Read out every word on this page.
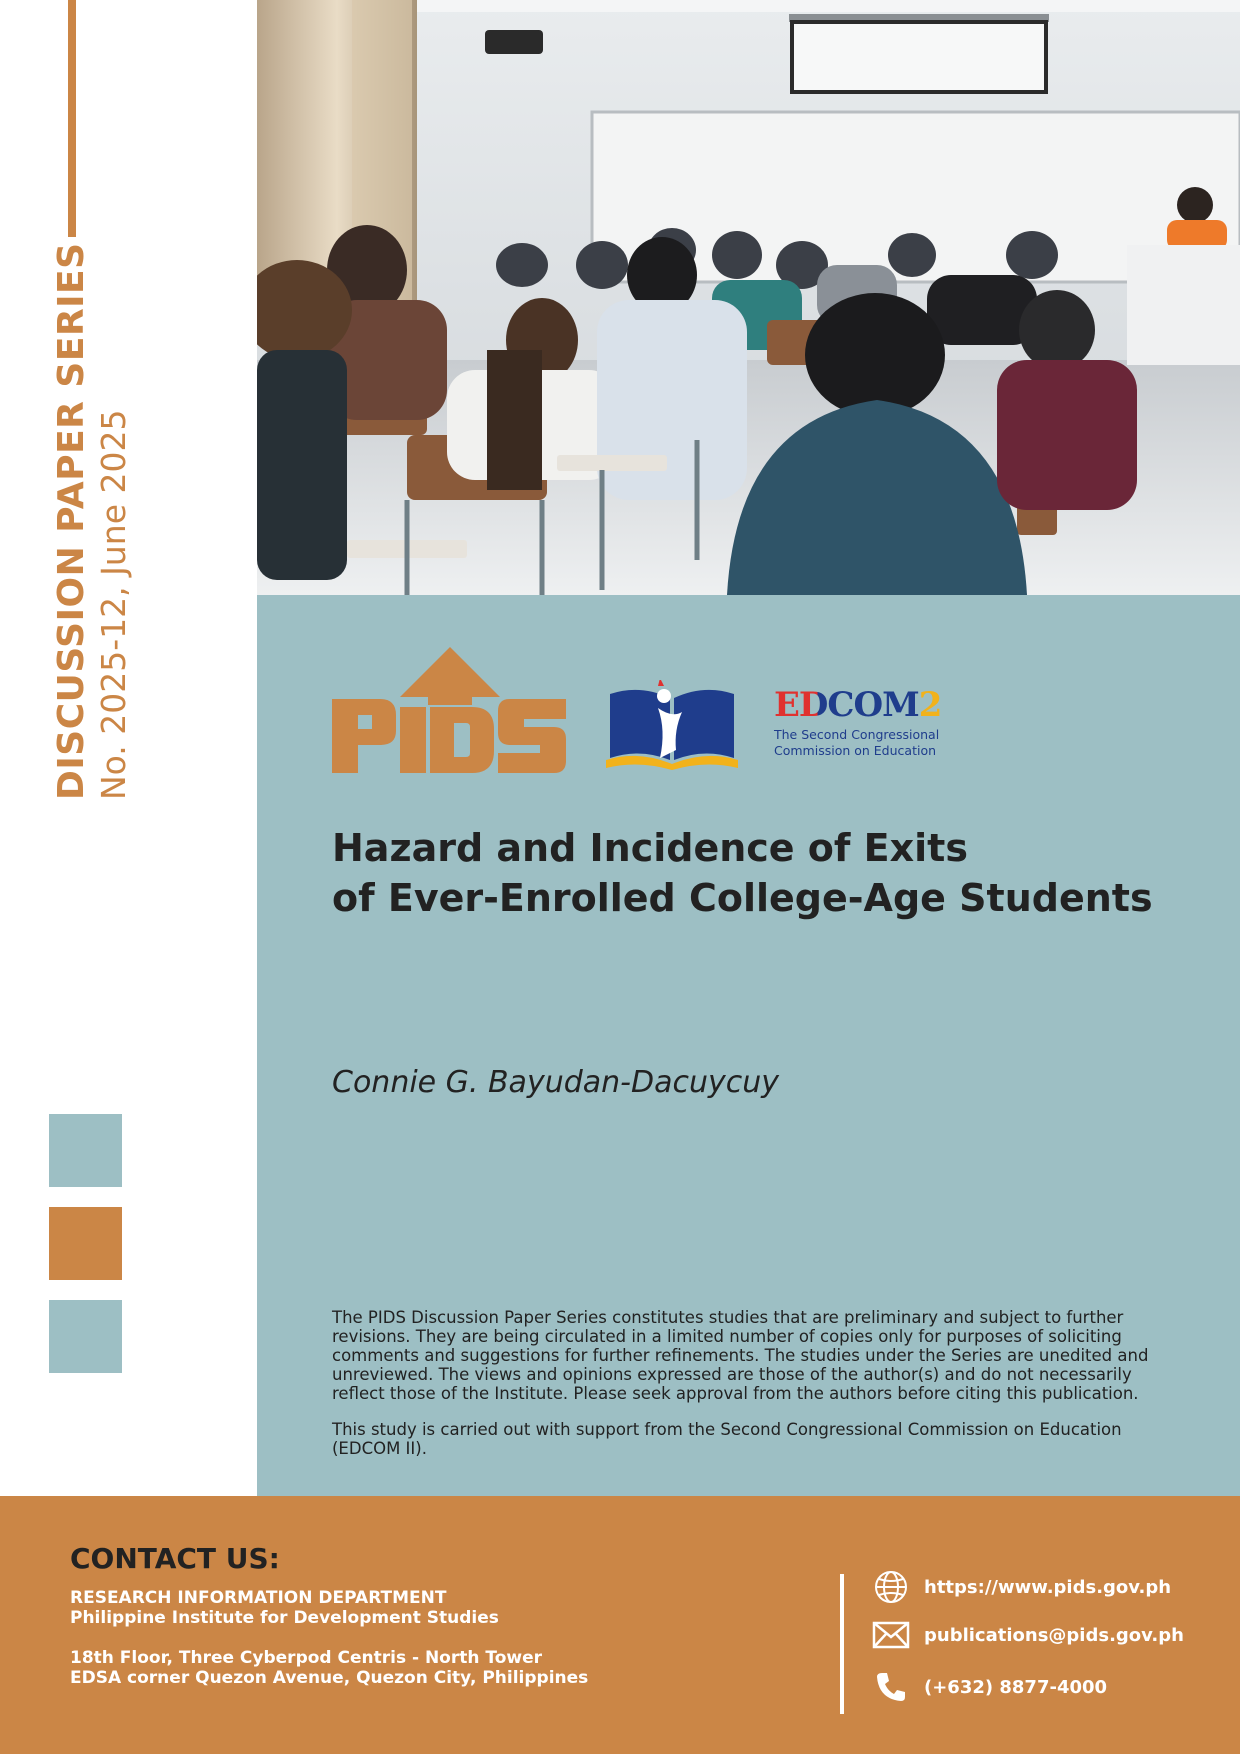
DISCUSSION PAPER SERIES No. 2025-12, June 2025	EDCOM2
The Second Congressional
Commission on Education
Hazard and Incidence of Exits
of Ever-Enrolled College-Age Students
Connie G. Bayudan-Dacuycuy

The PIDS Discussion Paper Series constitutes studies that are preliminary and subject to further revisions. They are being circulated in a limited number of copies only for purposes of soliciting comments and suggestions for further refinements. The studies under the Series are unedited and unreviewed. The views and opinions expressed are those of the author(s) and do not necessarily reflect those of the Institute. Please seek approval from the authors before citing this publication.

This study is carried out with support from the Second Congressional Commission on Education (EDCOM II).

CONTACT US:
RESEARCH INFORMATION DEPARTMENT
Philippine Institute for Development Studies
18th Floor, Three Cyberpod Centris - North Tower
EDSA corner Quezon Avenue, Quezon City, Philippines
https://www.pids.gov.ph
publications@pids.gov.ph
(+632) 8877-4000
